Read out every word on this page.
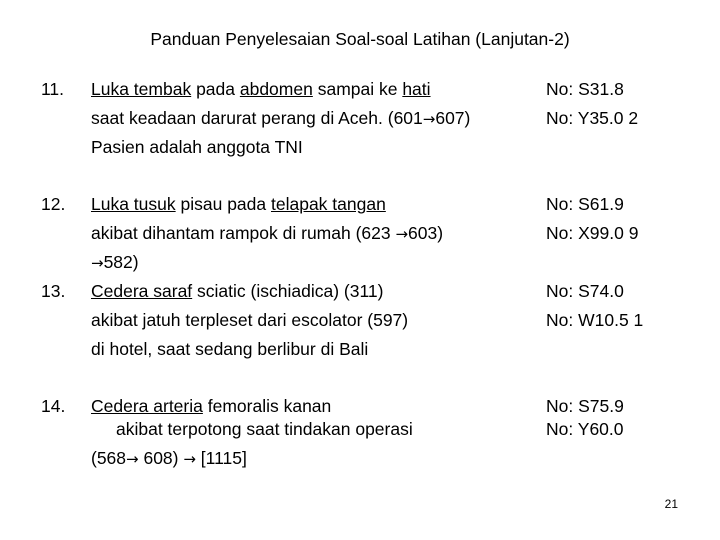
Panduan Penyelesaian Soal-soal Latihan (Lanjutan-2)
11. Luka tembak pada abdomen sampai ke hati
saat keadaan darurat perang di Aceh. (601→607)
Pasien adalah anggota TNI
No: S31.8
No: Y35.0 2
12. Luka tusuk pisau pada telapak tangan
akibat dihantam rampok di rumah (623 →603)
→582)
No: S61.9
No: X99.0 9
13. Cedera saraf sciatic (ischiadica) (311)
akibat jatuh terpleset dari escolator (597)
di hotel, saat sedang berlibur di Bali
No: S74.0
No: W10.5 1
14. Cedera arteria femoralis kanan
akibat terpotong saat tindakan operasi
(568→ 608) → [1115]
No: S75.9
No: Y60.0
21
